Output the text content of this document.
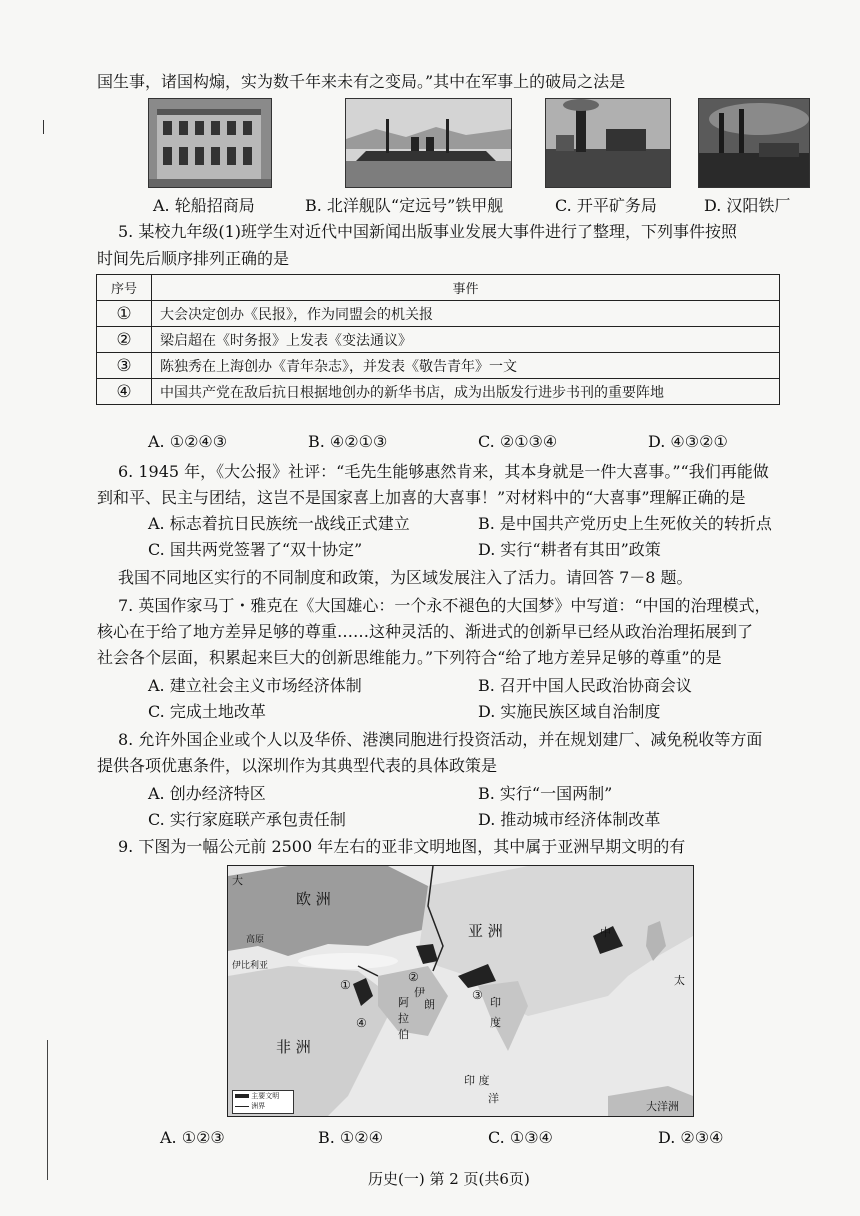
国生事，诸国构煽，实为数千年来未有之变局。”其中在军事上的破局之法是
A. 轮船招商局	B. 北洋舰队“定远号”铁甲舰	C. 开平矿务局	D. 汉阳铁厂
5. 某校九年级(1)班学生对近代中国新闻出版事业发展大事件进行了整理，下列事件按照
时间先后顺序排列正确的是
序号	事件
①	大会决定创办《民报》，作为同盟会的机关报
②	梁启超在《时务报》上发表《变法通议》
③	陈独秀在上海创办《青年杂志》，并发表《敬告青年》一文
④	中国共产党在敌后抗日根据地创办的新华书店，成为出版发行进步书刊的重要阵地
A. ①②④③	B. ④②①③	C. ②①③④	D. ④③②①
6. 1945 年，《大公报》社评：“毛先生能够惠然肯来，其本身就是一件大喜事。”“我们再能做
到和平、民主与团结，这岂不是国家喜上加喜的大喜事！”对材料中的“大喜事”理解正确的是
A. 标志着抗日民族统一战线正式建立	B. 是中国共产党历史上生死攸关的转折点
C. 国共两党签署了“双十协定”	D. 实行“耕者有其田”政策
我国不同地区实行的不同制度和政策，为区域发展注入了活力。请回答 7－8 题。
7. 英国作家马丁・雅克在《大国雄心：一个永不褪色的大国梦》中写道：“中国的治理模式，
核心在于给了地方差异足够的尊重……这种灵活的、渐进式的创新早已经从政治治理拓展到了
社会各个层面，积累起来巨大的创新思维能力。”下列符合“给了地方差异足够的尊重”的是
A. 建立社会主义市场经济体制	B. 召开中国人民政治协商会议
C. 完成土地改革	D. 实施民族区域自治制度
8. 允许外国企业或个人以及华侨、港澳同胞进行投资活动，并在规划建厂、减免税收等方面
提供各项优惠条件，以深圳作为其典型代表的具体政策是
A. 创办经济特区	B. 实行“一国两制”
C. 实行家庭联产承包责任制	D. 推动城市经济体制改革
9. 下图为一幅公元前 2500 年左右的亚非文明地图，其中属于亚洲早期文明的有
欧 洲
亚 洲
非 洲
高原
伊比利亚
伊
朗
阿
拉
伯
印
度
印 度
洋
中
太
大
大洋洲
①
②
③
④
主要文明
洲界
A. ①②③	B. ①②④	C. ①③④	D. ②③④
历史(一) 第 2 页(共6页)
